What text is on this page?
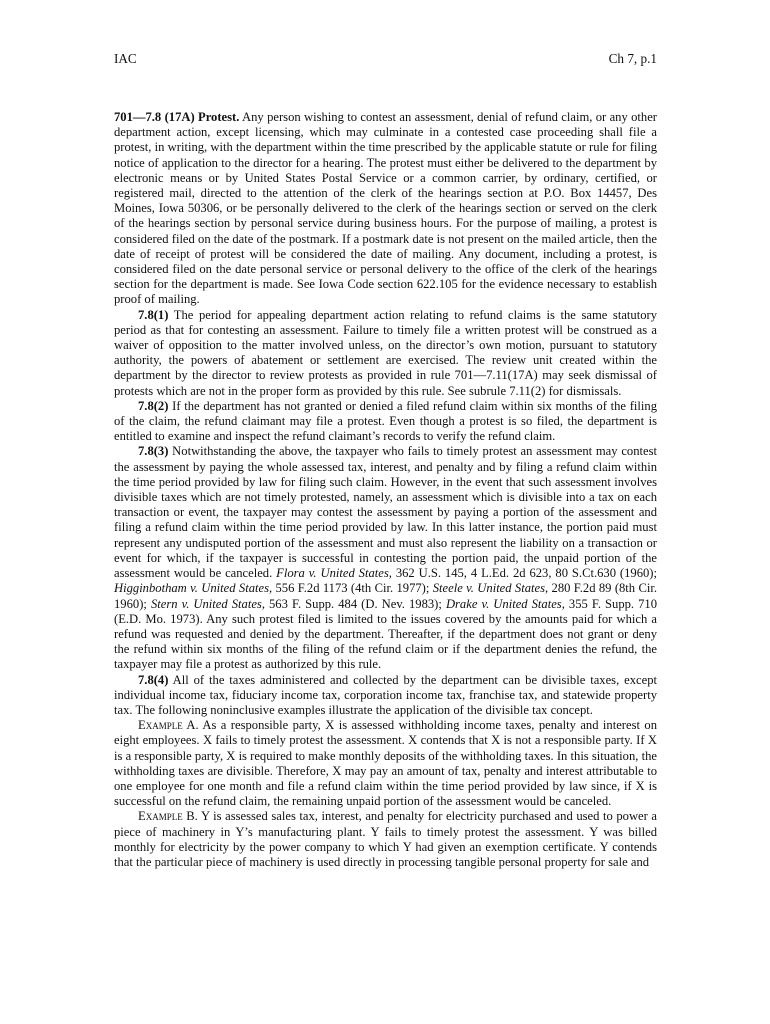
IAC	Ch 7, p.1

701—7.8 (17A) Protest. Any person wishing to contest an assessment, denial of refund claim, or any other department action, except licensing, which may culminate in a contested case proceeding shall file a protest, in writing, with the department within the time prescribed by the applicable statute or rule for filing notice of application to the director for a hearing. The protest must either be delivered to the department by electronic means or by United States Postal Service or a common carrier, by ordinary, certified, or registered mail, directed to the attention of the clerk of the hearings section at P.O. Box 14457, Des Moines, Iowa 50306, or be personally delivered to the clerk of the hearings section or served on the clerk of the hearings section by personal service during business hours. For the purpose of mailing, a protest is considered filed on the date of the postmark. If a postmark date is not present on the mailed article, then the date of receipt of protest will be considered the date of mailing. Any document, including a protest, is considered filed on the date personal service or personal delivery to the office of the clerk of the hearings section for the department is made. See Iowa Code section 622.105 for the evidence necessary to establish proof of mailing.

7.8(1) The period for appealing department action relating to refund claims is the same statutory period as that for contesting an assessment. Failure to timely file a written protest will be construed as a waiver of opposition to the matter involved unless, on the director’s own motion, pursuant to statutory authority, the powers of abatement or settlement are exercised. The review unit created within the department by the director to review protests as provided in rule 701—7.11(17A) may seek dismissal of protests which are not in the proper form as provided by this rule. See subrule 7.11(2) for dismissals.

7.8(2) If the department has not granted or denied a filed refund claim within six months of the filing of the claim, the refund claimant may file a protest. Even though a protest is so filed, the department is entitled to examine and inspect the refund claimant’s records to verify the refund claim.

7.8(3) Notwithstanding the above, the taxpayer who fails to timely protest an assessment may contest the assessment by paying the whole assessed tax, interest, and penalty and by filing a refund claim within the time period provided by law for filing such claim. However, in the event that such assessment involves divisible taxes which are not timely protested, namely, an assessment which is divisible into a tax on each transaction or event, the taxpayer may contest the assessment by paying a portion of the assessment and filing a refund claim within the time period provided by law. In this latter instance, the portion paid must represent any undisputed portion of the assessment and must also represent the liability on a transaction or event for which, if the taxpayer is successful in contesting the portion paid, the unpaid portion of the assessment would be canceled. Flora v. United States, 362 U.S. 145, 4 L.Ed. 2d 623, 80 S.Ct.630 (1960); Higginbotham v. United States, 556 F.2d 1173 (4th Cir. 1977); Steele v. United States, 280 F.2d 89 (8th Cir. 1960); Stern v. United States, 563 F. Supp. 484 (D. Nev. 1983); Drake v. United States, 355 F. Supp. 710 (E.D. Mo. 1973). Any such protest filed is limited to the issues covered by the amounts paid for which a refund was requested and denied by the department. Thereafter, if the department does not grant or deny the refund within six months of the filing of the refund claim or if the department denies the refund, the taxpayer may file a protest as authorized by this rule.

7.8(4) All of the taxes administered and collected by the department can be divisible taxes, except individual income tax, fiduciary income tax, corporation income tax, franchise tax, and statewide property tax. The following noninclusive examples illustrate the application of the divisible tax concept.

Example A. As a responsible party, X is assessed withholding income taxes, penalty and interest on eight employees. X fails to timely protest the assessment. X contends that X is not a responsible party. If X is a responsible party, X is required to make monthly deposits of the withholding taxes. In this situation, the withholding taxes are divisible. Therefore, X may pay an amount of tax, penalty and interest attributable to one employee for one month and file a refund claim within the time period provided by law since, if X is successful on the refund claim, the remaining unpaid portion of the assessment would be canceled.

Example B. Y is assessed sales tax, interest, and penalty for electricity purchased and used to power a piece of machinery in Y’s manufacturing plant. Y fails to timely protest the assessment. Y was billed monthly for electricity by the power company to which Y had given an exemption certificate. Y contends that the particular piece of machinery is used directly in processing tangible personal property for sale and
